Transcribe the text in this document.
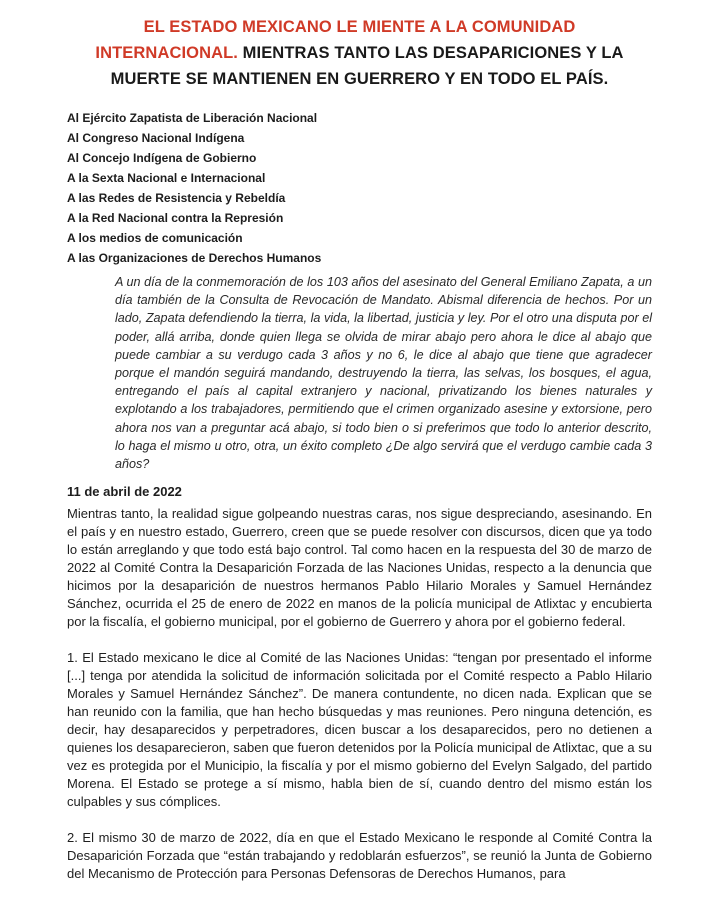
EL ESTADO MEXICANO LE MIENTE A LA COMUNIDAD
INTERNACIONAL. MIENTRAS TANTO LAS DESAPARICIONES Y LA
MUERTE SE MANTIENEN EN GUERRERO Y EN TODO EL PAÍS.

Al Ejército Zapatista de Liberación Nacional

Al Congreso Nacional Indígena

Al Concejo Indígena de Gobierno

A la Sexta Nacional e Internacional

A las Redes de Resistencia y Rebeldía

A la Red Nacional contra la Represión

A los medios de comunicación

A las Organizaciones de Derechos Humanos

A un día de la conmemoración de los 103 años del asesinato del General Emiliano Zapata, a un día también de la Consulta de Revocación de Mandato. Abismal diferencia de hechos. Por un lado, Zapata defendiendo la tierra, la vida, la libertad, justicia y ley. Por el otro una disputa por el poder, allá arriba, donde quien llega se olvida de mirar abajo pero ahora le dice al abajo que puede cambiar a su verdugo cada 3 años y no 6, le dice al abajo que tiene que agradecer porque el mandón seguirá mandando, destruyendo la tierra, las selvas, los bosques, el agua, entregando el país al capital extranjero y nacional, privatizando los bienes naturales y explotando a los trabajadores, permitiendo que el crimen organizado asesine y extorsione, pero ahora nos van a preguntar acá abajo, si todo bien o si preferimos que todo lo anterior descrito, lo haga el mismo u otro, otra, un éxito completo ¿De algo servirá que el verdugo cambie cada 3 años?

11 de abril de 2022

Mientras tanto, la realidad sigue golpeando nuestras caras, nos sigue despreciando, asesinando. En el país y en nuestro estado, Guerrero, creen que se puede resolver con discursos, dicen que ya todo lo están arreglando y que todo está bajo control. Tal como hacen en la respuesta del 30 de marzo de 2022 al Comité Contra la Desaparición Forzada de las Naciones Unidas, respecto a la denuncia que hicimos por la desaparición de nuestros hermanos Pablo Hilario Morales y Samuel Hernández Sánchez, ocurrida el 25 de enero de 2022 en manos de la policía municipal de Atlixtac y encubierta por la fiscalía, el gobierno municipal, por el gobierno de Guerrero y ahora por el gobierno federal.

1. El Estado mexicano le dice al Comité de las Naciones Unidas: “tengan por presentado el informe [...] tenga por atendida la solicitud de información solicitada por el Comité respecto a Pablo Hilario Morales y Samuel Hernández Sánchez”. De manera contundente, no dicen nada. Explican que se han reunido con la familia, que han hecho búsquedas y mas reuniones. Pero ninguna detención, es decir, hay desaparecidos y perpetradores, dicen buscar a los desaparecidos, pero no detienen a quienes los desaparecieron, saben que fueron detenidos por la Policía municipal de Atlixtac, que a su vez es protegida por el Municipio, la fiscalía y por el mismo gobierno del Evelyn Salgado, del partido Morena. El Estado se protege a sí mismo, habla bien de sí, cuando dentro del mismo están los culpables y sus cómplices.

2. El mismo 30 de marzo de 2022, día en que el Estado Mexicano le responde al Comité Contra la Desaparición Forzada que “están trabajando y redoblarán esfuerzos”, se reunió la Junta de Gobierno del Mecanismo de Protección para Personas Defensoras de Derechos Humanos, para
